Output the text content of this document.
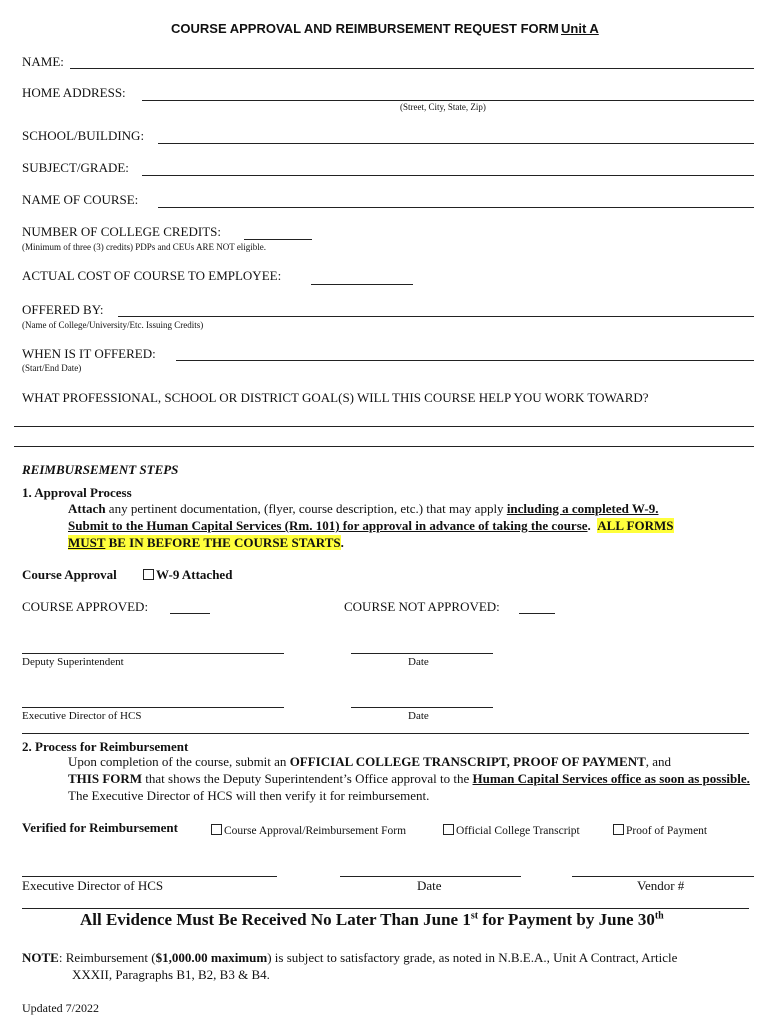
COURSE APPROVAL AND REIMBURSEMENT REQUEST FORM Unit A
NAME:
HOME ADDRESS:
(Street, City, State, Zip)
SCHOOL/BUILDING:
SUBJECT/GRADE:
NAME OF COURSE:
NUMBER OF COLLEGE CREDITS:
(Minimum of three (3) credits) PDPs and CEUs ARE NOT eligible.
ACTUAL COST OF COURSE TO EMPLOYEE:
OFFERED BY:
(Name of College/University/Etc. Issuing Credits)
WHEN IS IT OFFERED:
(Start/End Date)
WHAT PROFESSIONAL, SCHOOL OR DISTRICT GOAL(S) WILL THIS COURSE HELP YOU WORK TOWARD?
REIMBURSEMENT STEPS
1. Approval Process
Attach any pertinent documentation, (flyer, course description, etc.) that may apply including a completed W-9.
Submit to the Human Capital Services (Rm. 101) for approval in advance of taking the course. ALL FORMS
MUST BE IN BEFORE THE COURSE STARTS.
Course Approval	W-9 Attached
COURSE APPROVED:	COURSE NOT APPROVED:
Deputy Superintendent	Date
Executive Director of HCS	Date
2. Process for Reimbursement
Upon completion of the course, submit an OFFICIAL COLLEGE TRANSCRIPT, PROOF OF PAYMENT, and
THIS FORM that shows the Deputy Superintendent’s Office approval to the Human Capital Services office as soon as possible. The Executive Director of HCS will then verify it for reimbursement.
Verified for Reimbursement	Course Approval/Reimbursement Form	Official College Transcript	Proof of Payment
Executive Director of HCS	Date	Vendor #
All Evidence Must Be Received No Later Than June 1st for Payment by June 30th
NOTE: Reimbursement ($1,000.00 maximum) is subject to satisfactory grade, as noted in N.B.E.A., Unit A Contract, Article
XXXII, Paragraphs B1, B2, B3 & B4.
Updated 7/2022
